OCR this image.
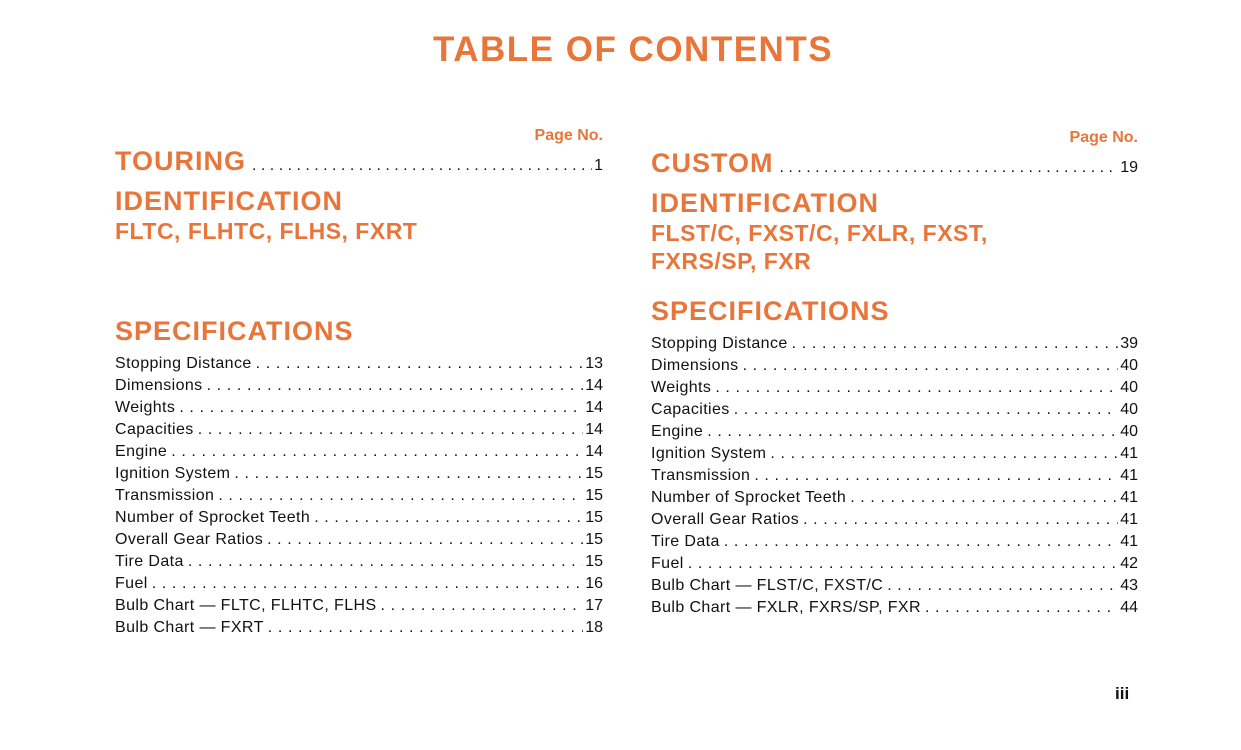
TABLE OF CONTENTS
Page No.
TOURING . . .	1
IDENTIFICATION
FLTC, FLHTC, FLHS, FXRT
SPECIFICATIONS
Stopping Distance . . .	13
Dimensions . . .	14
Weights . . .	14
Capacities . . .	14
Engine . . .	14
Ignition System . . .	15
Transmission . . .	15
Number of Sprocket Teeth . . .	15
Overall Gear Ratios . . .	15
Tire Data . . .	15
Fuel . . .	16
Bulb Chart — FLTC, FLHTC, FLHS . . .	17
Bulb Chart — FXRT . . .	18
Page No.
CUSTOM . . .	19
IDENTIFICATION
FLST/C, FXST/C, FXLR, FXST,
FXRS/SP, FXR
SPECIFICATIONS
Stopping Distance . . .	39
Dimensions . . .	40
Weights . . .	40
Capacities . . .	40
Engine . . .	40
Ignition System . . .	41
Transmission . . .	41
Number of Sprocket Teeth . . .	41
Overall Gear Ratios . . .	41
Tire Data . . .	41
Fuel . . .	42
Bulb Chart — FLST/C, FXST/C . . .	43
Bulb Chart — FXLR, FXRS/SP, FXR . . .	44
iii
